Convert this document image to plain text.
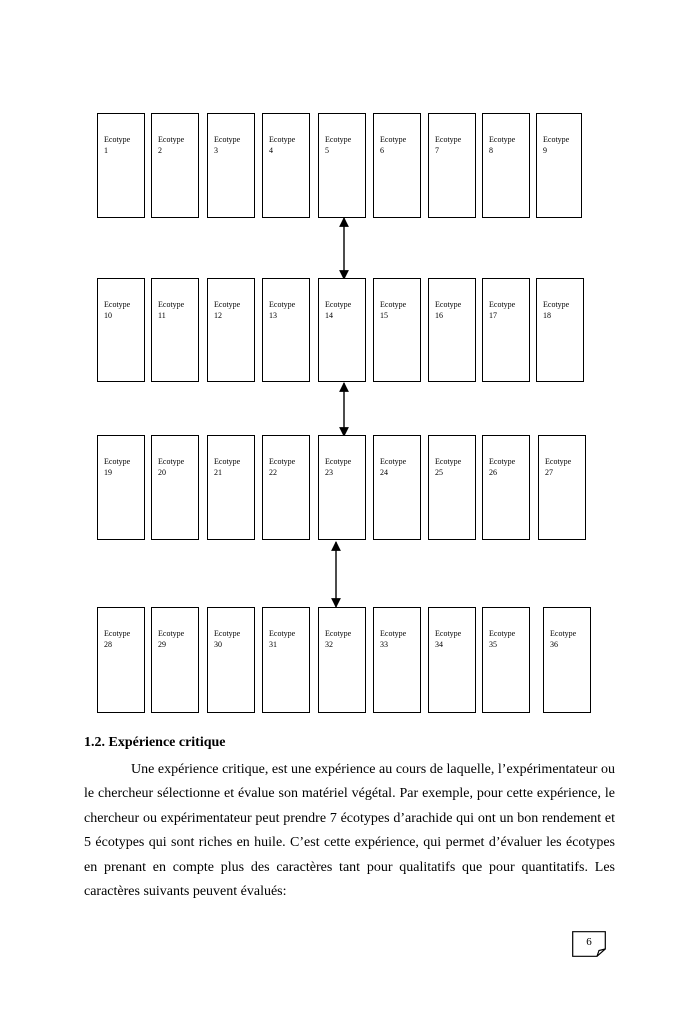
Ecotype
1
Ecotype
2
Ecotype
3
Ecotype
4
Ecotype
5
Ecotype
6
Ecotype
7
Ecotype
8
Ecotype
9
Ecotype
10
Ecotype
11
Ecotype
12
Ecotype
13
Ecotype
14
Ecotype
15
Ecotype
16
Ecotype
17
Ecotype
18
Ecotype
19
Ecotype
20
Ecotype
21
Ecotype
22
Ecotype
23
Ecotype
24
Ecotype
25
Ecotype
26
Ecotype
27
Ecotype
28
Ecotype
29
Ecotype
30
Ecotype
31
Ecotype
32
Ecotype
33
Ecotype
34
Ecotype
35
Ecotype
36
1.2. Expérience critique

Une expérience critique, est une expérience au cours de laquelle, l’expérimentateur ou le chercheur sélectionne et évalue son matériel végétal. Par exemple, pour cette expérience, le chercheur ou expérimentateur peut prendre 7 écotypes d’arachide qui ont un bon rendement et 5 écotypes qui sont riches en huile. C’est cette expérience, qui permet d’évaluer les écotypes en prenant en compte plus des caractères tant pour qualitatifs que pour quantitatifs. Les caractères suivants peuvent évalués:

6
